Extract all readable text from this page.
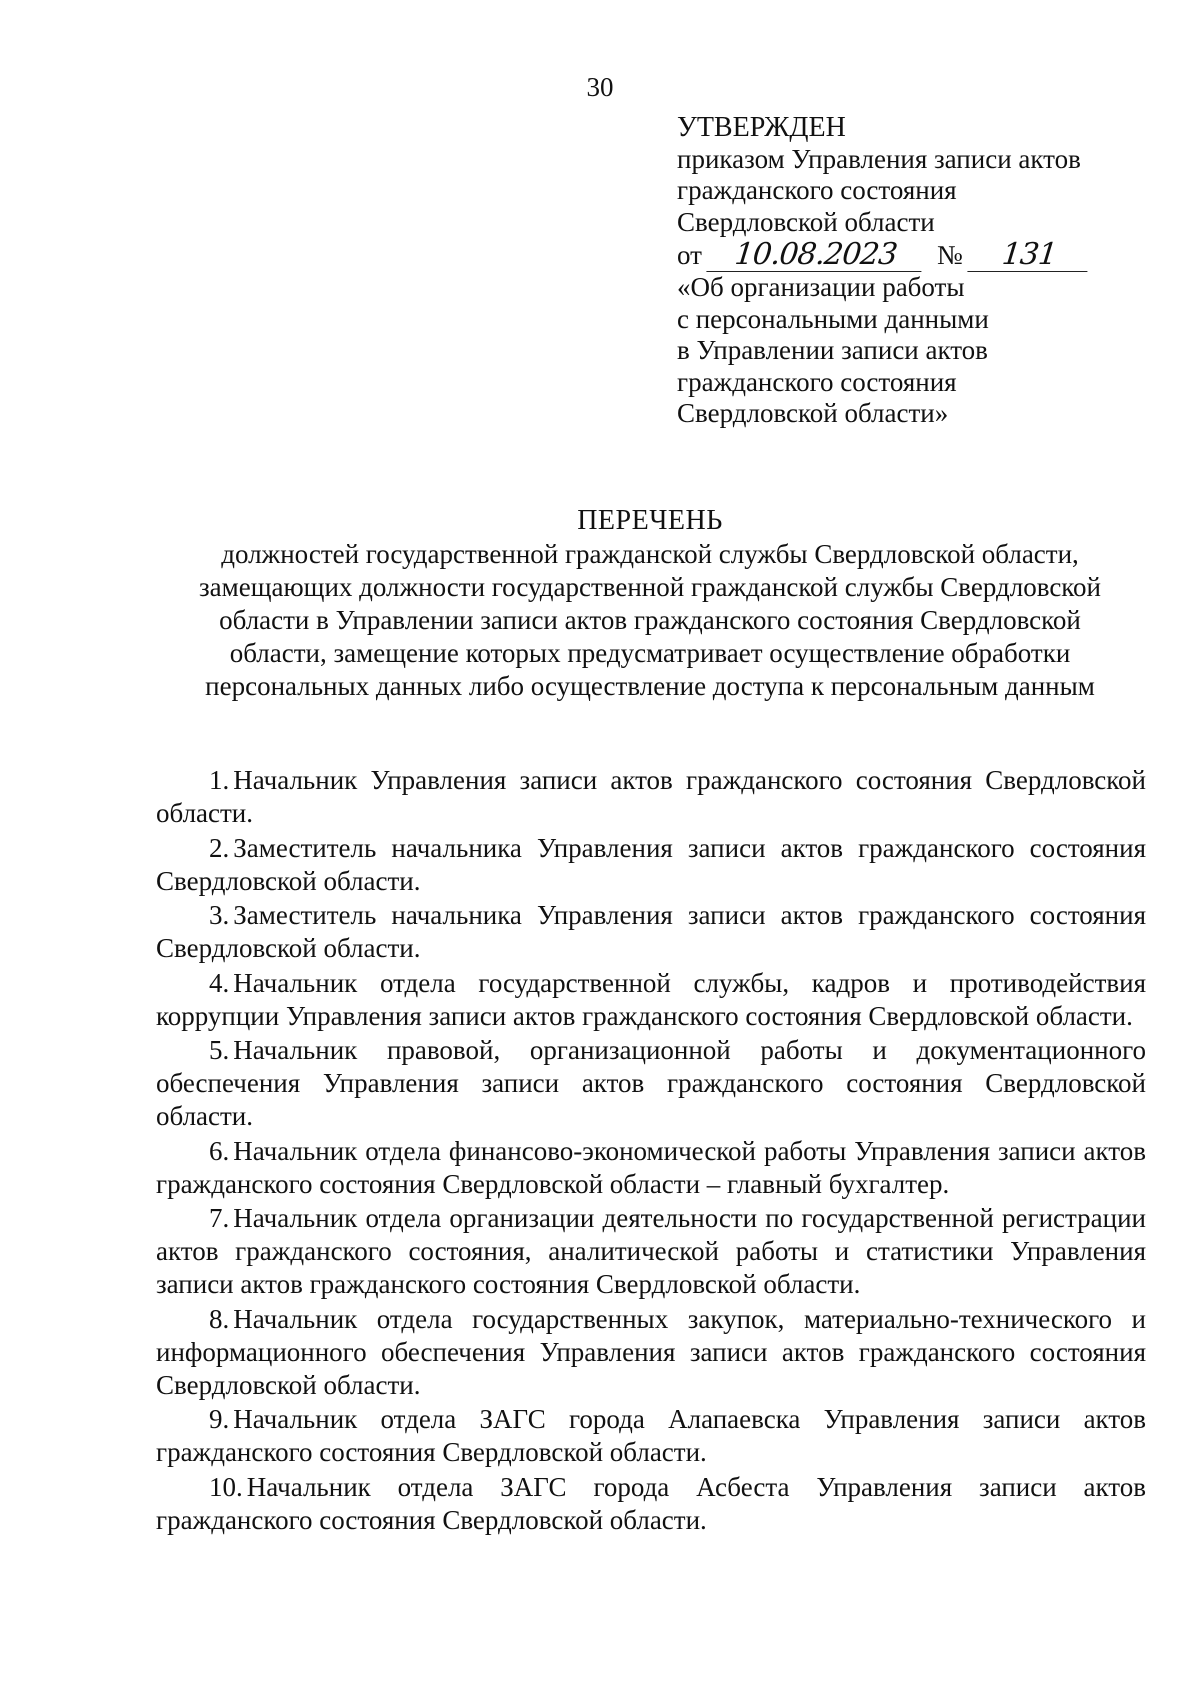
30
УТВЕРЖДЕН
приказом Управления записи актов
гражданского состояния
Свердловской области
от 10.08.2023 № 131
«Об организации работы
с персональными данными
в Управлении записи актов
гражданского состояния
Свердловской области»
ПЕРЕЧЕНЬ
должностей государственной гражданской службы Свердловской области,
замещающих должности государственной гражданской службы Свердловской
области в Управлении записи актов гражданского состояния Свердловской
области, замещение которых предусматривает осуществление обработки
персональных данных либо осуществление доступа к персональным данным
1. Начальник Управления записи актов гражданского состояния Свердловской области.
2. Заместитель начальника Управления записи актов гражданского состояния Свердловской области.
3. Заместитель начальника Управления записи актов гражданского состояния Свердловской области.
4. Начальник отдела государственной службы, кадров и противодействия коррупции Управления записи актов гражданского состояния Свердловской области.
5. Начальник правовой, организационной работы и документационного обеспечения Управления записи актов гражданского состояния Свердловской области.
6. Начальник отдела финансово-экономической работы Управления записи актов гражданского состояния Свердловской области – главный бухгалтер.
7. Начальник отдела организации деятельности по государственной регистрации актов гражданского состояния, аналитической работы и статистики Управления записи актов гражданского состояния Свердловской области.
8. Начальник отдела государственных закупок, материально-технического и информационного обеспечения Управления записи актов гражданского состояния Свердловской области.
9. Начальник отдела ЗАГС города Алапаевска Управления записи актов гражданского состояния Свердловской области.
10. Начальник отдела ЗАГС города Асбеста Управления записи актов гражданского состояния Свердловской области.
